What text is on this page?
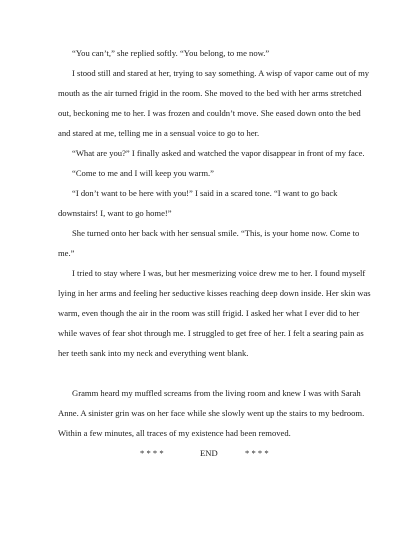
“You can’t,” she replied softly. “You belong, to me now.”
I stood still and stared at her, trying to say something. A wisp of vapor came out of my
mouth as the air turned frigid in the room. She moved to the bed with her arms stretched
out, beckoning me to her. I was frozen and couldn’t move. She eased down onto the bed
and stared at me, telling me in a sensual voice to go to her.
“What are you?” I finally asked and watched the vapor disappear in front of my face.
“Come to me and I will keep you warm.”
“I don’t want to be here with you!” I said in a scared tone. “I want to go back
downstairs! I, want to go home!”
She turned onto her back with her sensual smile. “This, is your home now. Come to
me.”
I tried to stay where I was, but her mesmerizing voice drew me to her. I found myself
lying in her arms and feeling her seductive kisses reaching deep down inside. Her skin was
warm, even though the air in the room was still frigid. I asked her what I ever did to her
while waves of fear shot through me. I struggled to get free of her. I felt a searing pain as
her teeth sank into my neck and everything went blank.
Gramm heard my muffled screams from the living room and knew I was with Sarah
Anne. A sinister grin was on her face while she slowly went up the stairs to my bedroom.
Within a few minutes, all traces of my existence had been removed.
* * * *	END	* * * *
